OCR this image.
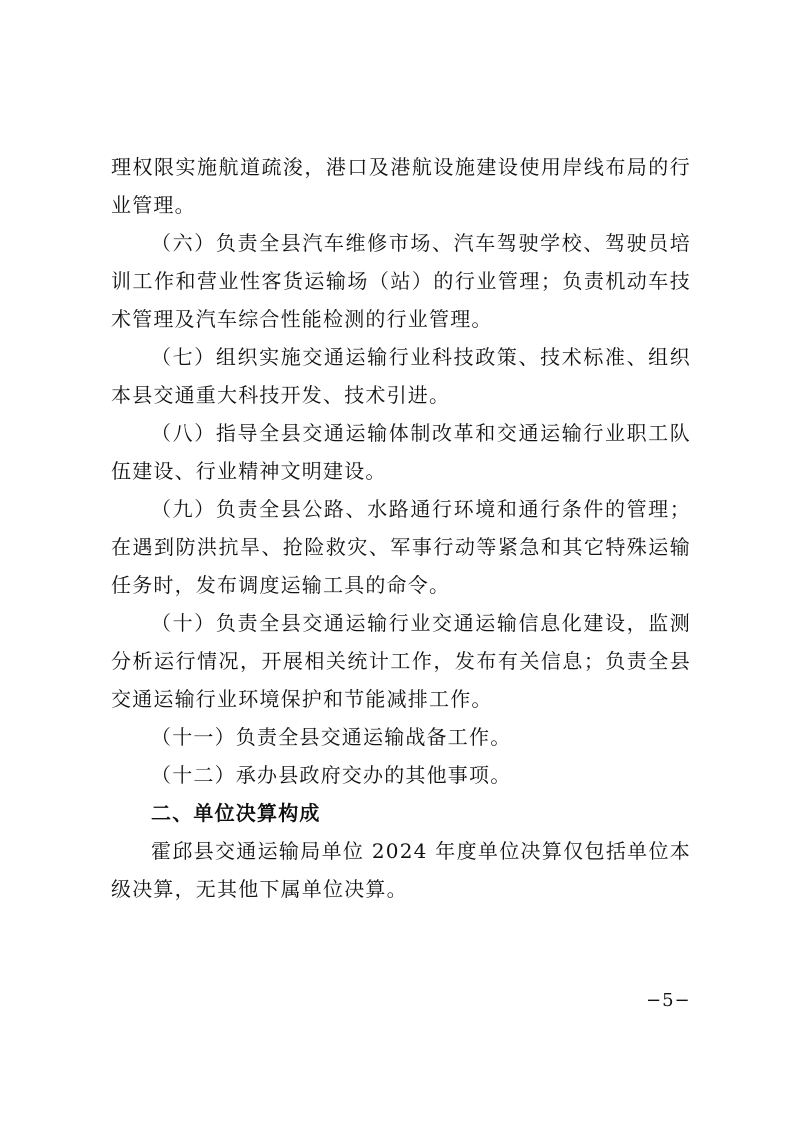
理权限实施航道疏浚，港口及港航设施建设使用岸线布局的行业管理。

（六）负责全县汽车维修市场、汽车驾驶学校、驾驶员培训工作和营业性客货运输场（站）的行业管理；负责机动车技术管理及汽车综合性能检测的行业管理。

（七）组织实施交通运输行业科技政策、技术标准、组织本县交通重大科技开发、技术引进。

（八）指导全县交通运输体制改革和交通运输行业职工队伍建设、行业精神文明建设。

（九）负责全县公路、水路通行环境和通行条件的管理；在遇到防洪抗旱、抢险救灾、军事行动等紧急和其它特殊运输任务时，发布调度运输工具的命令。

（十）负责全县交通运输行业交通运输信息化建设，监测分析运行情况，开展相关统计工作，发布有关信息；负责全县交通运输行业环境保护和节能减排工作。

（十一）负责全县交通运输战备工作。

（十二）承办县政府交办的其他事项。

二、单位决算构成

霍邱县交通运输局单位 2024 年度单位决算仅包括单位本级决算，无其他下属单位决算。

−5−
